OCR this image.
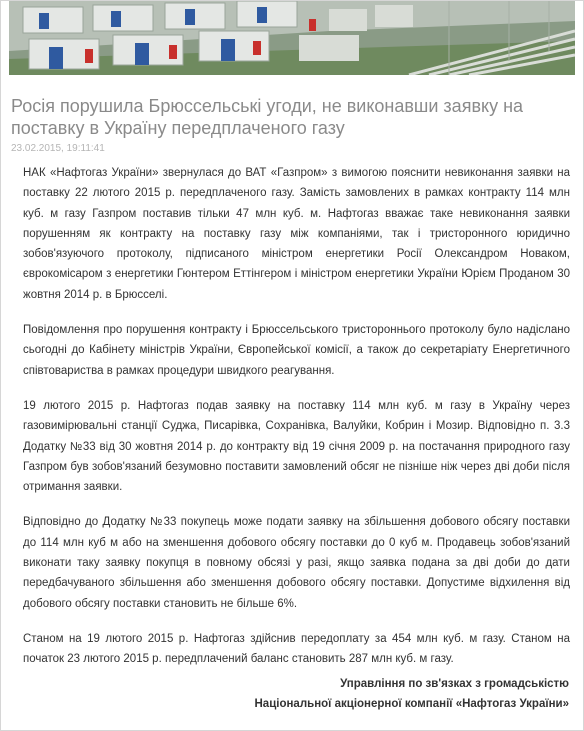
Росія порушила Брюссельські угоди, не виконавши заявку на поставку в Україну передплаченого газу
23.02.2015, 19:11:41

НАК «Нафтогаз України» звернулася до ВАТ «Газпром» з вимогою пояснити невиконання заявки на поставку 22 лютого 2015 р. передплаченого газу. Замість замовлених в рамках контракту 114 млн куб. м газу Газпром поставив тільки 47 млн куб. м. Нафтогаз вважає таке невиконання заявки порушенням як контракту на поставку газу між компаніями, так і тристоронного юридично зобов'язуючого протоколу, підписаного міністром енергетики Росії Олександром Новаком, єврокомісаром з енергетики Гюнтером Еттінгером і міністром енергетики України Юрієм Проданом 30 жовтня 2014 р. в Брюсселі.

Повідомлення про порушення контракту і Брюссельського тристороннього протоколу було надіслано сьогодні до Кабінету міністрів України, Європейської комісії, а також до секретаріату Енергетичного співтовариства в рамках процедури швидкого реагування.

19 лютого 2015 р. Нафтогаз подав заявку на поставку 114 млн куб. м газу в Україну через газовимірювальні станції Суджа, Писарівка, Сохранівка, Валуйки, Кобрин і Мозир. Відповідно п. 3.3 Додатку №33 від 30 жовтня 2014 р. до контракту від 19 січня 2009 р. на постачання природного газу Газпром був зобов'язаний безумовно поставити замовлений обсяг не пізніше ніж через дві доби після отримання заявки.

Відповідно до Додатку №33 покупець може подати заявку на збільшення добового обсягу поставки до 114 млн куб м або на зменшення добового обсягу поставки до 0 куб м. Продавець зобов'язаний виконати таку заявку покупця в повному обсязі у разі, якщо заявка подана за дві доби до дати передбачуваного збільшення або зменшення добового обсягу поставки. Допустиме відхилення від добового обсягу поставки становить не більше 6%.

Станом на 19 лютого 2015 р. Нафтогаз здійснив передоплату за 454 млн куб. м газу. Станом на початок 23 лютого 2015 р. передплачений баланс становить 287 млн куб. м газу.

Управління по зв'язках з громадськістю
Національної акціонерної компанії «Нафтогаз України»
